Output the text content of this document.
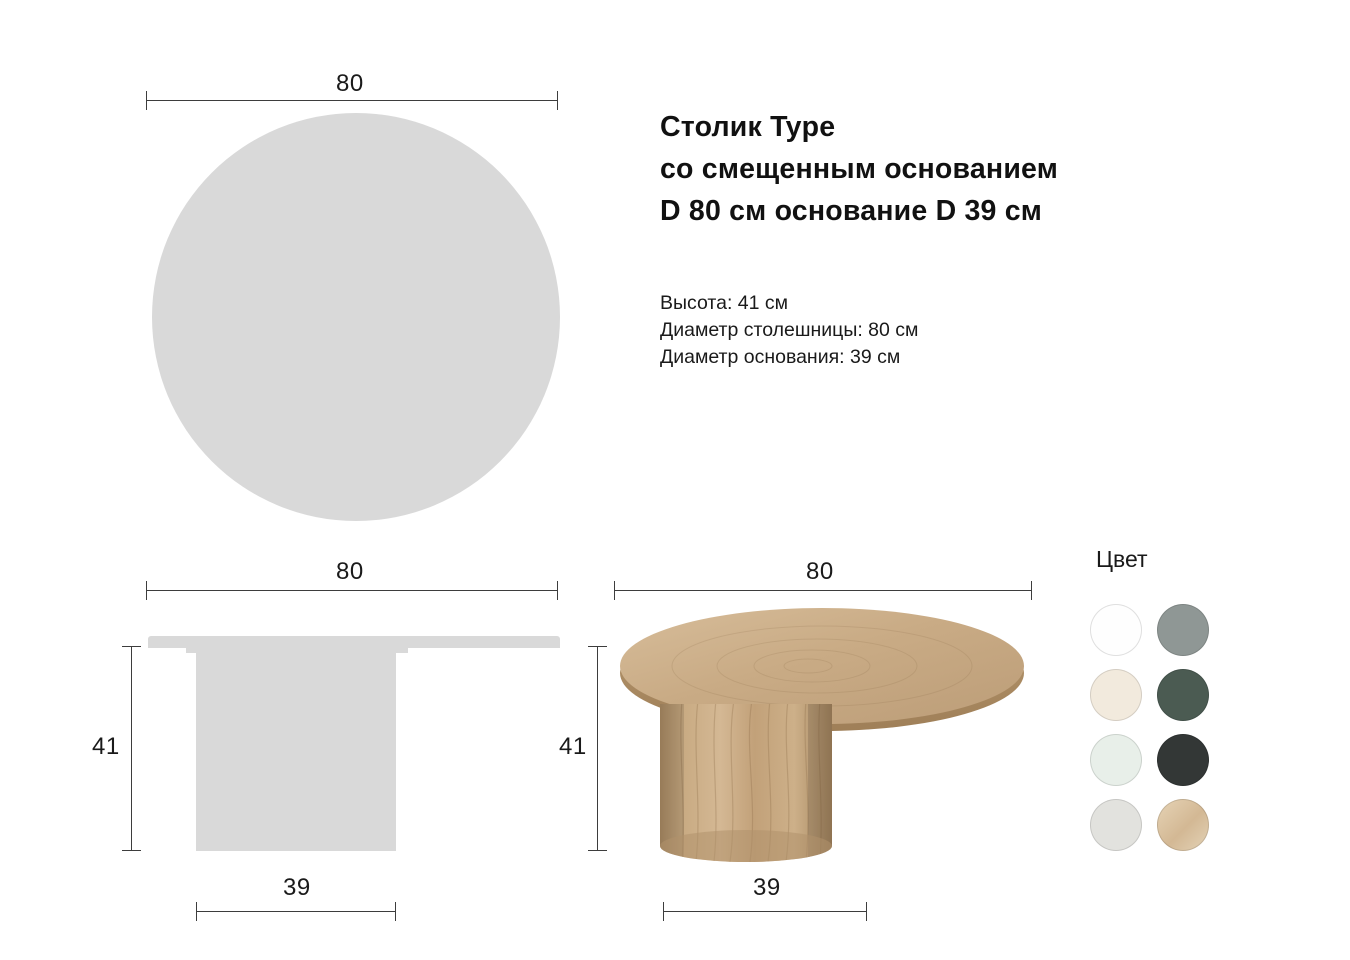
80
80
41
39
80
41
39
Столик Type
со смещенным основанием
D 80 см основание D 39 см
Высота: 41 см
Диаметр столешницы: 80 см
Диаметр основания: 39 см
Цвет
